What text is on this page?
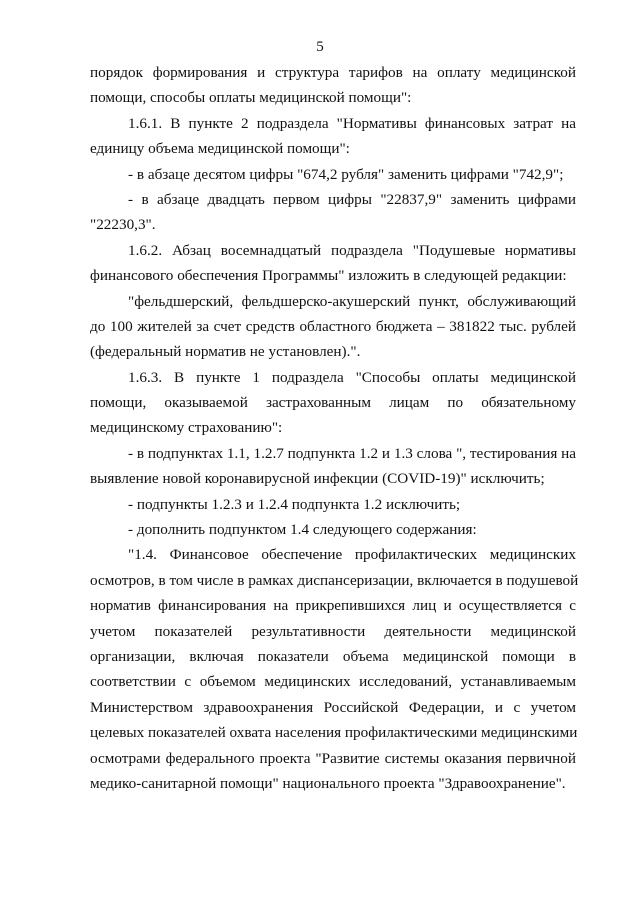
5
порядок формирования и структура тарифов на оплату медицинской
помощи, способы оплаты медицинской помощи":
1.6.1. В пункте 2 подраздела "Нормативы финансовых затрат на
единицу объема медицинской помощи":
- в абзаце десятом цифры "674,2 рубля" заменить цифрами "742,9";
- в абзаце двадцать первом цифры "22837,9" заменить цифрами
"22230,3".
1.6.2. Абзац восемнадцатый подраздела "Подушевые нормативы
финансового обеспечения Программы" изложить в следующей редакции:
"фельдшерский, фельдшерско-акушерский пункт, обслуживающий
до 100 жителей за счет средств областного бюджета – 381822 тыс. рублей
(федеральный норматив не установлен).".
1.6.3. В пункте 1 подраздела "Способы оплаты медицинской
помощи, оказываемой застрахованным лицам по обязательному
медицинскому страхованию":
- в подпунктах 1.1, 1.2.7 подпункта 1.2 и 1.3 слова ", тестирования на
выявление новой коронавирусной инфекции (COVID-19)" исключить;
- подпункты 1.2.3 и 1.2.4 подпункта 1.2 исключить;
- дополнить подпунктом 1.4 следующего содержания:
"1.4. Финансовое обеспечение профилактических медицинских
осмотров, в том числе в рамках диспансеризации, включается в подушевой
норматив финансирования на прикрепившихся лиц и осуществляется с
учетом показателей результативности деятельности медицинской
организации, включая показатели объема медицинской помощи в
соответствии с объемом медицинских исследований, устанавливаемым
Министерством здравоохранения Российской Федерации, и с учетом
целевых показателей охвата населения профилактическими медицинскими
осмотрами федерального проекта "Развитие системы оказания первичной
медико-санитарной помощи" национального проекта "Здравоохранение".
